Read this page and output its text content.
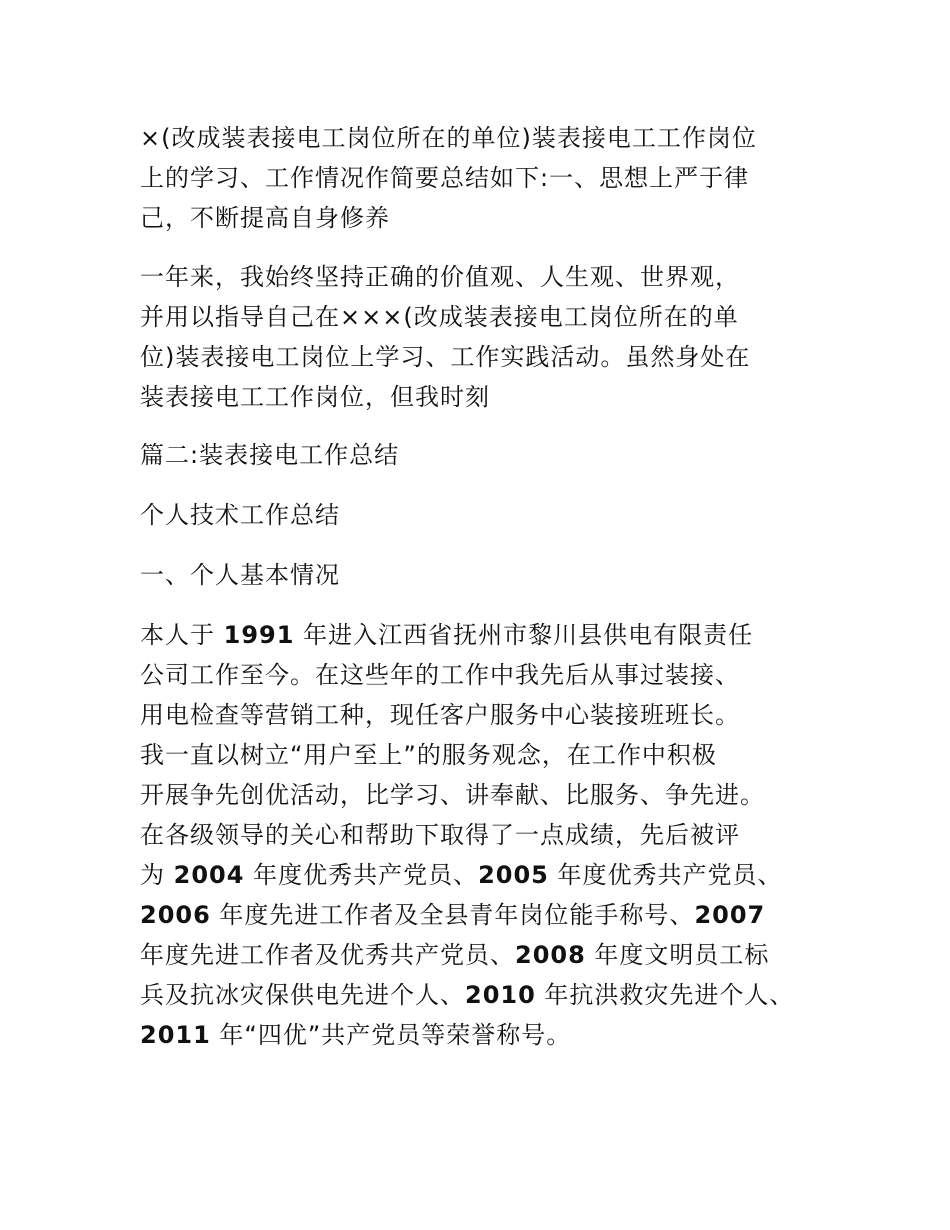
×(改成装表接电工岗位所在的单位)装表接电工工作岗位
上的学习、工作情况作简要总结如下:一、思想上严于律
己，不断提高自身修养

一年来，我始终坚持正确的价值观、人生观、世界观，
并用以指导自己在×××(改成装表接电工岗位所在的单
位)装表接电工岗位上学习、工作实践活动。虽然身处在
装表接电工工作岗位，但我时刻

篇二:装表接电工作总结

个人技术工作总结

一、个人基本情况

本人于 1991 年进入江西省抚州市黎川县供电有限责任
公司工作至今。在这些年的工作中我先后从事过装接、
用电检查等营销工种，现任客户服务中心装接班班长。
我一直以树立“用户至上”的服务观念，在工作中积极
开展争先创优活动，比学习、讲奉献、比服务、争先进。
在各级领导的关心和帮助下取得了一点成绩，先后被评
为 2004 年度优秀共产党员、2005 年度优秀共产党员、
2006 年度先进工作者及全县青年岗位能手称号、2007
年度先进工作者及优秀共产党员、2008 年度文明员工标
兵及抗冰灾保供电先进个人、2010 年抗洪救灾先进个人、
2011 年“四优”共产党员等荣誉称号。
